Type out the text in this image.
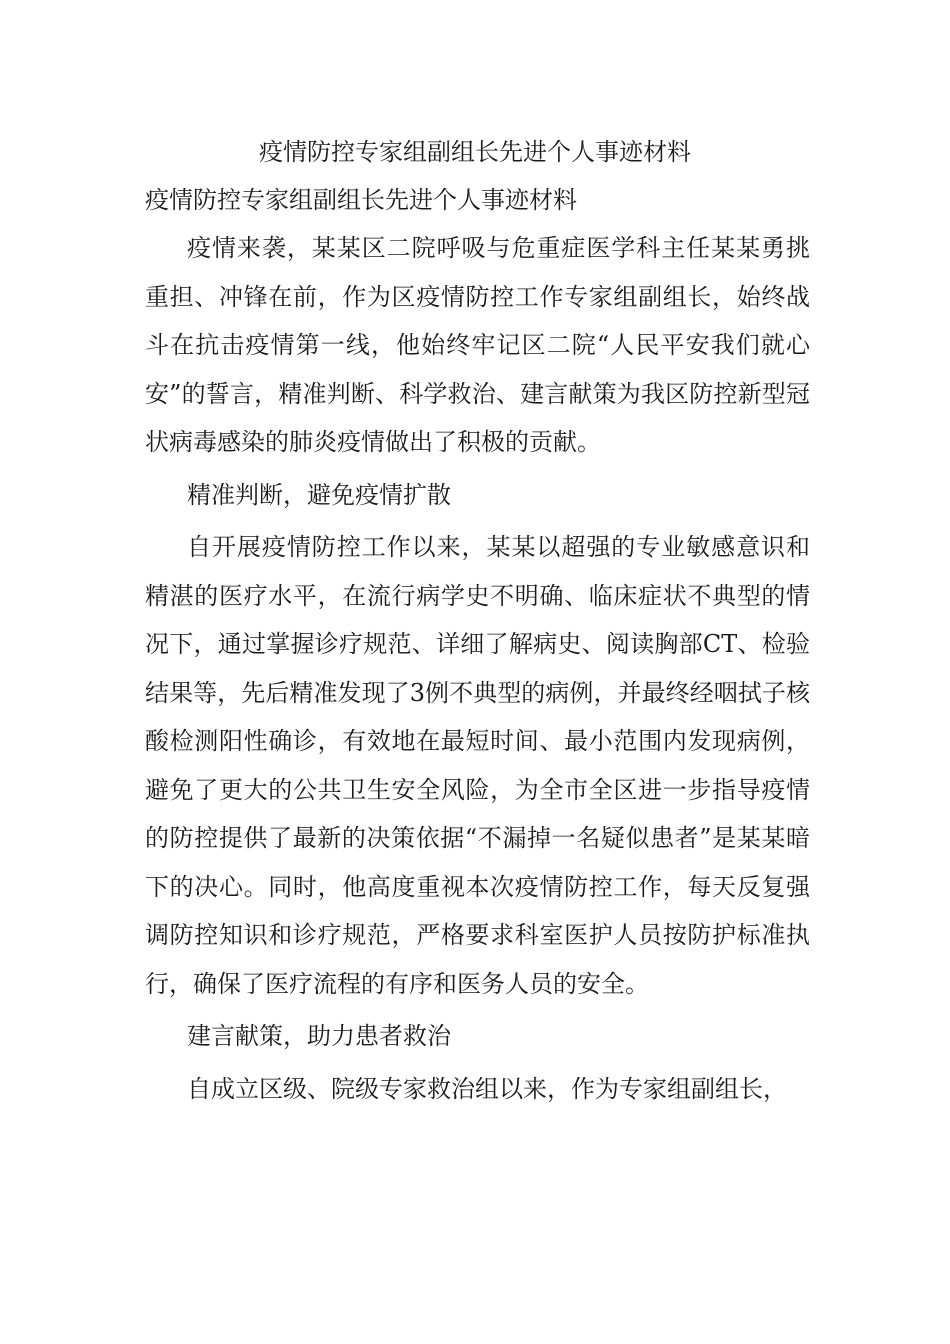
疫情防控专家组副组长先进个人事迹材料
疫情防控专家组副组长先进个人事迹材料
疫情来袭，某某区二院呼吸与危重症医学科主任某某勇挑重担、冲锋在前，作为区疫情防控工作专家组副组长，始终战斗在抗击疫情第一线，他始终牢记区二院“人民平安我们就心安”的誓言，精准判断、科学救治、建言献策为我区防控新型冠状病毒感染的肺炎疫情做出了积极的贡献。
精准判断，避免疫情扩散
自开展疫情防控工作以来，某某以超强的专业敏感意识和精湛的医疗水平，在流行病学史不明确、临床症状不典型的情况下，通过掌握诊疗规范、详细了解病史、阅读胸部CT、检验结果等，先后精准发现了3例不典型的病例，并最终经咽拭子核酸检测阳性确诊，有效地在最短时间、最小范围内发现病例，避免了更大的公共卫生安全风险，为全市全区进一步指导疫情的防控提供了最新的决策依据“不漏掉一名疑似患者”是某某暗下的决心。同时，他高度重视本次疫情防控工作，每天反复强调防控知识和诊疗规范，严格要求科室医护人员按防护标准执行，确保了医疗流程的有序和医务人员的安全。
建言献策，助力患者救治
自成立区级、院级专家救治组以来，作为专家组副组长，
